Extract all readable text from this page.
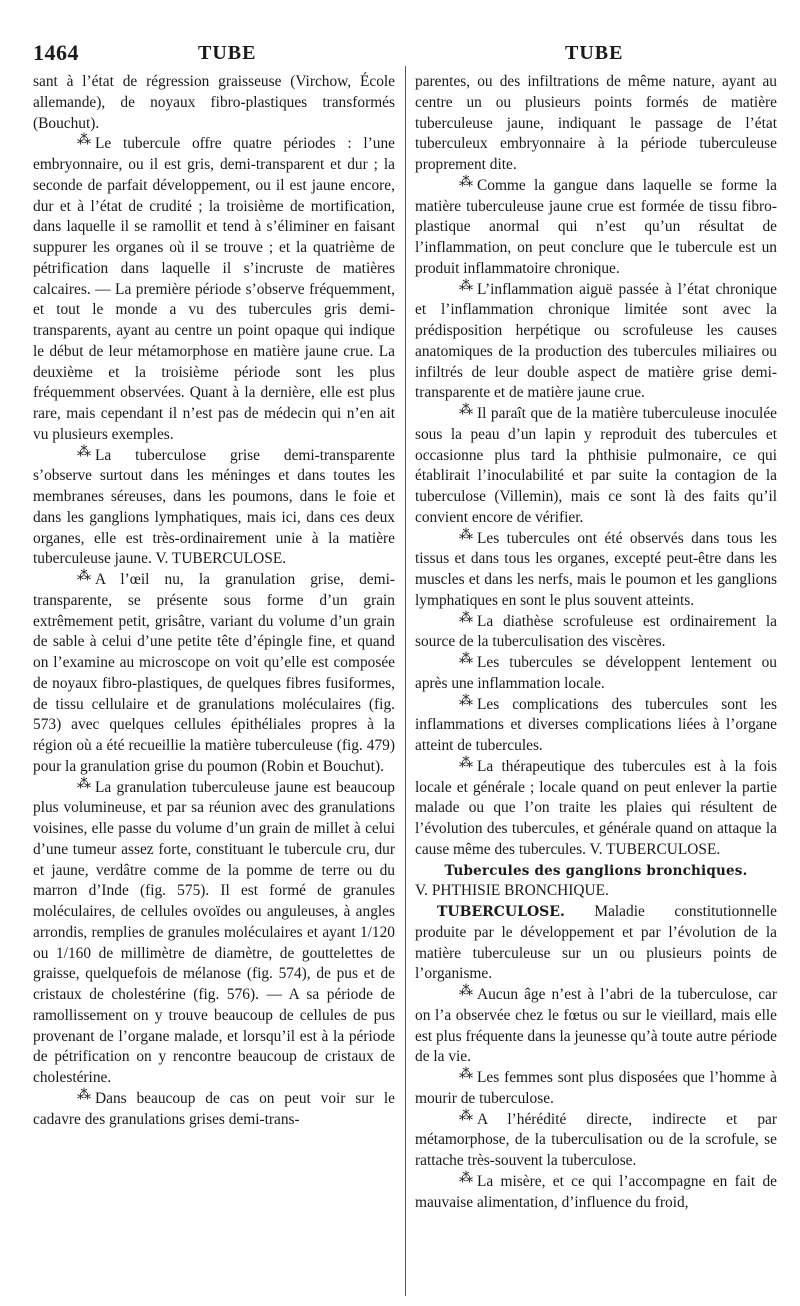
1464	TUBE	TUBE

sant à l’état de régression graisseuse (Virchow, École allemande), de noyaux fibro-plastiques transformés (Bouchut).

⁂ Le tubercule offre quatre périodes : l’une embryonnaire, ou il est gris, demi-transparent et dur ; la seconde de parfait développement, ou il est jaune encore, dur et à l’état de crudité ; la troisième de mortification, dans laquelle il se ramollit et tend à s’éliminer en faisant suppurer les organes où il se trouve ; et la quatrième de pétrification dans laquelle il s’incruste de matières calcaires. — La première période s’observe fréquemment, et tout le monde a vu des tubercules gris demi-transparents, ayant au centre un point opaque qui indique le début de leur métamorphose en matière jaune crue. La deuxième et la troisième période sont les plus fréquemment observées. Quant à la dernière, elle est plus rare, mais cependant il n’est pas de médecin qui n’en ait vu plusieurs exemples.

⁂ La tuberculose grise demi-transparente s’observe surtout dans les méninges et dans toutes les membranes séreuses, dans les poumons, dans le foie et dans les ganglions lymphatiques, mais ici, dans ces deux organes, elle est très-ordinairement unie à la matière tuberculeuse jaune. V. TUBERCULOSE.

⁂ A l’œil nu, la granulation grise, demi-transparente, se présente sous forme d’un grain extrêmement petit, grisâtre, variant du volume d’un grain de sable à celui d’une petite tête d’épingle fine, et quand on l’examine au microscope on voit qu’elle est composée de noyaux fibro-plastiques, de quelques fibres fusiformes, de tissu cellulaire et de granulations moléculaires (fig. 573) avec quelques cellules épithéliales propres à la région où a été recueillie la matière tuberculeuse (fig. 479) pour la granulation grise du poumon (Robin et Bouchut).

⁂ La granulation tuberculeuse jaune est beaucoup plus volumineuse, et par sa réunion avec des granulations voisines, elle passe du volume d’un grain de millet à celui d’une tumeur assez forte, constituant le tubercule cru, dur et jaune, verdâtre comme de la pomme de terre ou du marron d’Inde (fig. 575). Il est formé de granules moléculaires, de cellules ovoïdes ou anguleuses, à angles arrondis, remplies de granules moléculaires et ayant 1/120 ou 1/160 de millimètre de diamètre, de gouttelettes de graisse, quelquefois de mélanose (fig. 574), de pus et de cristaux de cholestérine (fig. 576). — A sa période de ramollissement on y trouve beaucoup de cellules de pus provenant de l’organe malade, et lorsqu’il est à la période de pétrification on y rencontre beaucoup de cristaux de cholestérine.

⁂ Dans beaucoup de cas on peut voir sur le cadavre des granulations grises demi-trans-

parentes, ou des infiltrations de même nature, ayant au centre un ou plusieurs points formés de matière tuberculeuse jaune, indiquant le passage de l’état tuberculeux embryonnaire à la période tuberculeuse proprement dite.

⁂ Comme la gangue dans laquelle se forme la matière tuberculeuse jaune crue est formée de tissu fibro-plastique anormal qui n’est qu’un résultat de l’inflammation, on peut conclure que le tubercule est un produit inflammatoire chronique.

⁂ L’inflammation aiguë passée à l’état chronique et l’inflammation chronique limitée sont avec la prédisposition herpétique ou scrofuleuse les causes anatomiques de la production des tubercules miliaires ou infiltrés de leur double aspect de matière grise demi-transparente et de matière jaune crue.

⁂ Il paraît que de la matière tuberculeuse inoculée sous la peau d’un lapin y reproduit des tubercules et occasionne plus tard la phthisie pulmonaire, ce qui établirait l’inoculabilité et par suite la contagion de la tuberculose (Villemin), mais ce sont là des faits qu’il convient encore de vérifier.

⁂ Les tubercules ont été observés dans tous les tissus et dans tous les organes, excepté peut-être dans les muscles et dans les nerfs, mais le poumon et les ganglions lymphatiques en sont le plus souvent atteints.

⁂ La diathèse scrofuleuse est ordinairement la source de la tuberculisation des viscères.

⁂ Les tubercules se développent lentement ou après une inflammation locale.

⁂ Les complications des tubercules sont les inflammations et diverses complications liées à l’organe atteint de tubercules.

⁂ La thérapeutique des tubercules est à la fois locale et générale ; locale quand on peut enlever la partie malade ou que l’on traite les plaies qui résultent de l’évolution des tubercules, et générale quand on attaque la cause même des tubercules. V. TUBERCULOSE.

Tubercules des ganglions bronchiques.

V. PHTHISIE BRONCHIQUE.

TUBERCULOSE. Maladie constitutionnelle produite par le développement et par l’évolution de la matière tuberculeuse sur un ou plusieurs points de l’organisme.

⁂ Aucun âge n’est à l’abri de la tuberculose, car on l’a observée chez le fœtus ou sur le vieillard, mais elle est plus fréquente dans la jeunesse qu’à toute autre période de la vie.

⁂ Les femmes sont plus disposées que l’homme à mourir de tuberculose.

⁂ A l’hérédité directe, indirecte et par métamorphose, de la tuberculisation ou de la scrofule, se rattache très-souvent la tuberculose.

⁂ La misère, et ce qui l’accompagne en fait de mauvaise alimentation, d’influence du froid,
